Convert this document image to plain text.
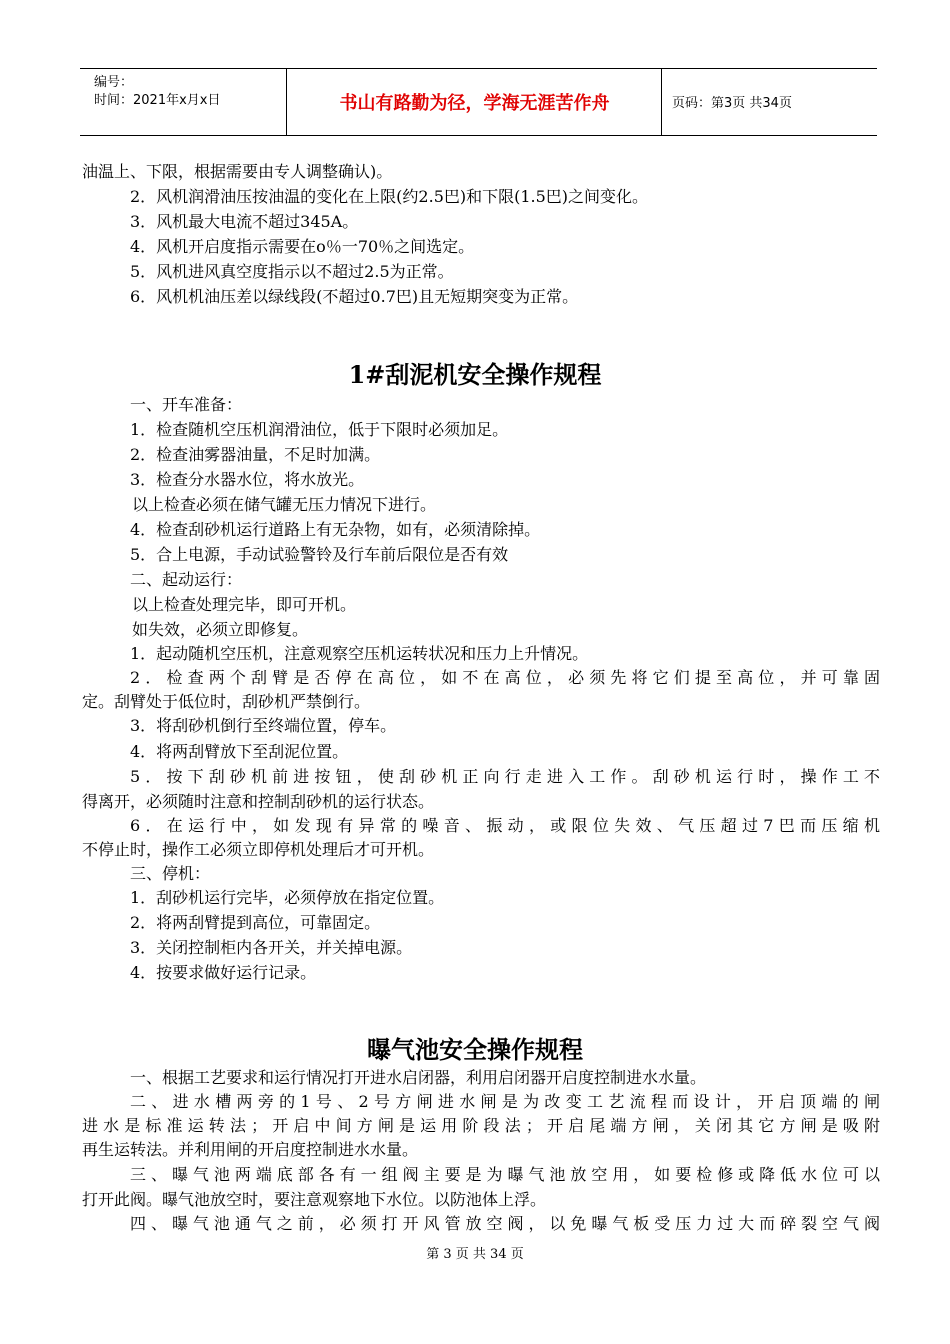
编号：
时间：2021年x月x日	书山有路勤为径，学海无涯苦作舟	页码：第3页 共34页
油温上、下限，根据需要由专人调整确认)。
2．风机润滑油压按油温的变化在上限(约2.5巴)和下限(1.5巴)之间变化。
3．风机最大电流不超过345A。
4．风机开启度指示需要在o％一70％之间选定。
5．风机进风真空度指示以不超过2.5为正常。
6．风机机油压差以绿线段(不超过0.7巴)且无短期突变为正常。
1#刮泥机安全操作规程
一、开车准备：
1．检查随机空压机润滑油位，低于下限时必须加足。
2．检查油雾器油量，不足时加满。
3．检查分水器水位，将水放光。
以上检查必须在储气罐无压力情况下进行。
4．检查刮砂机运行道路上有无杂物，如有，必须清除掉。
5．合上电源，手动试验警铃及行车前后限位是否有效
二、起动运行：
以上检查处理完毕，即可开机。
如失效，必须立即修复。
1．起动随机空压机，注意观察空压机运转状况和压力上升情况。
2．检查两个刮臂是否停在高位，如不在高位，必须先将它们提至高位，并可靠固
定。刮臂处于低位时，刮砂机严禁倒行。
3．将刮砂机倒行至终端位置，停车。
4．将两刮臂放下至刮泥位置。
5．按下刮砂机前进按钮，使刮砂机正向行走进入工作。刮砂机运行时，操作工不
得离开，必须随时注意和控制刮砂机的运行状态。
6．在运行中，如发现有异常的噪音、振动，或限位失效、气压超过7巴而压缩机
不停止时，操作工必须立即停机处理后才可开机。
三、停机：
1．刮砂机运行完毕，必须停放在指定位置。
2．将两刮臂提到高位，可靠固定。
3．关闭控制柜内各开关，并关掉电源。
4．按要求做好运行记录。
曝气池安全操作规程
一、根据工艺要求和运行情况打开进水启闭器，利用启闭器开启度控制进水水量。
二、进水槽两旁的1号、2号方闸进水闸是为改变工艺流程而设计，开启顶端的闸
进水是标准运转法；开启中间方闸是运用阶段法；开启尾端方闸，关闭其它方闸是吸附
再生运转法。并利用闸的开启度控制进水水量。
三、曝气池两端底部各有一组阀主要是为曝气池放空用，如要检修或降低水位可以
打开此阀。曝气池放空时，要注意观察地下水位。以防池体上浮。
四、曝气池通气之前，必须打开风管放空阀，以免曝气板受压力过大而碎裂空气阀
第 3 页 共 34 页
